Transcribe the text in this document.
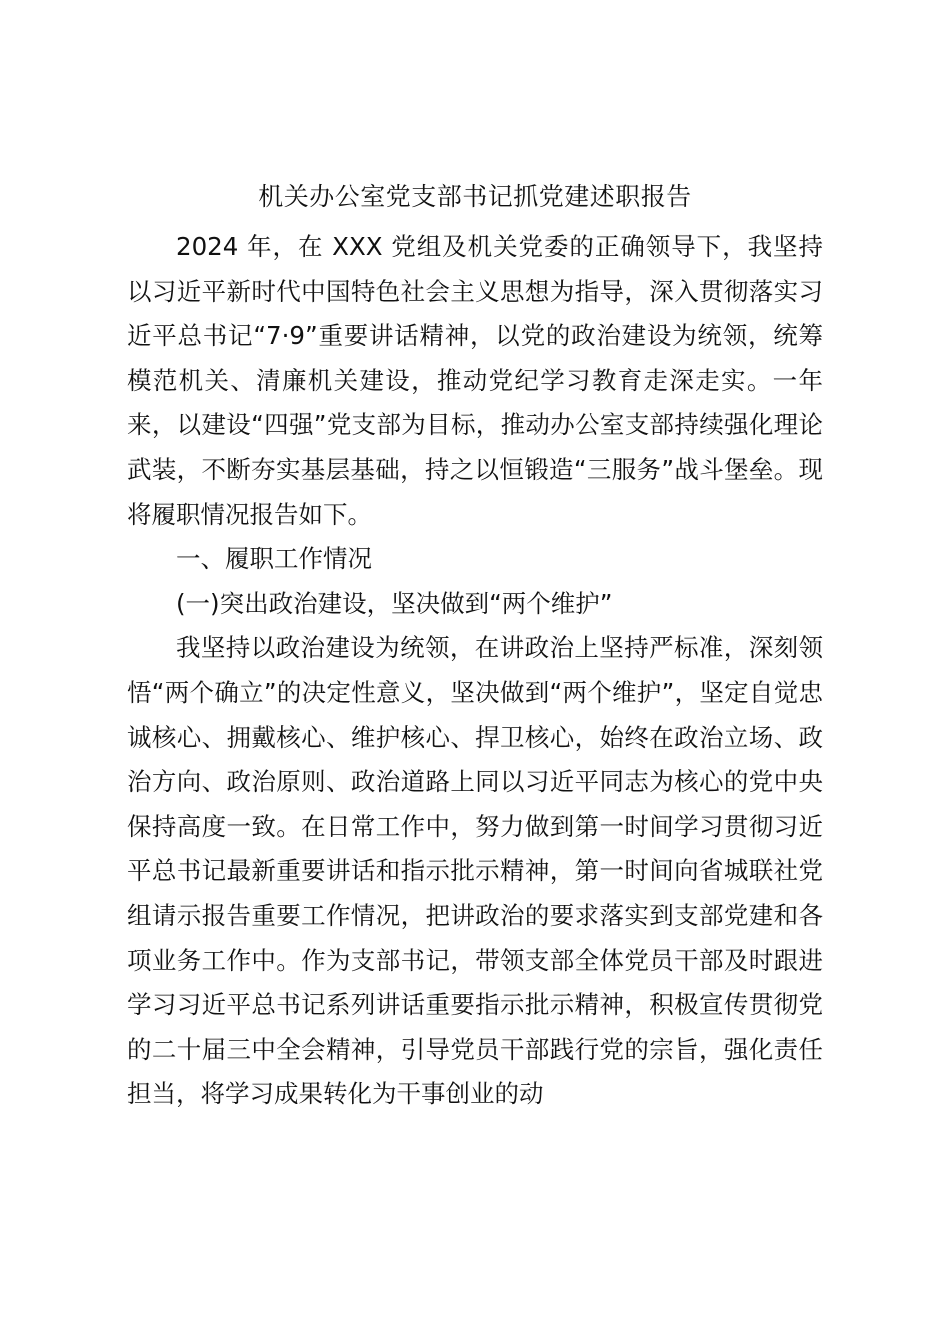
机关办公室党支部书记抓党建述职报告

2024 年，在 XXX 党组及机关党委的正确领导下，我坚持以习近平新时代中国特色社会主义思想为指导，深入贯彻落实习近平总书记“7·9”重要讲话精神，以党的政治建设为统领，统筹模范机关、清廉机关建设，推动党纪学习教育走深走实。一年来，以建设“四强”党支部为目标，推动办公室支部持续强化理论武装，不断夯实基层基础，持之以恒锻造“三服务”战斗堡垒。现将履职情况报告如下。

一、履职工作情况

(一)突出政治建设，坚决做到“两个维护”

我坚持以政治建设为统领，在讲政治上坚持严标准，深刻领悟“两个确立”的决定性意义，坚决做到“两个维护”，坚定自觉忠诚核心、拥戴核心、维护核心、捍卫核心，始终在政治立场、政治方向、政治原则、政治道路上同以习近平同志为核心的党中央保持高度一致。在日常工作中，努力做到第一时间学习贯彻习近平总书记最新重要讲话和指示批示精神，第一时间向省城联社党组请示报告重要工作情况，把讲政治的要求落实到支部党建和各项业务工作中。作为支部书记，带领支部全体党员干部及时跟进学习习近平总书记系列讲话重要指示批示精神，积极宣传贯彻党的二十届三中全会精神，引导党员干部践行党的宗旨，强化责任担当，将学习成果转化为干事创业的动
